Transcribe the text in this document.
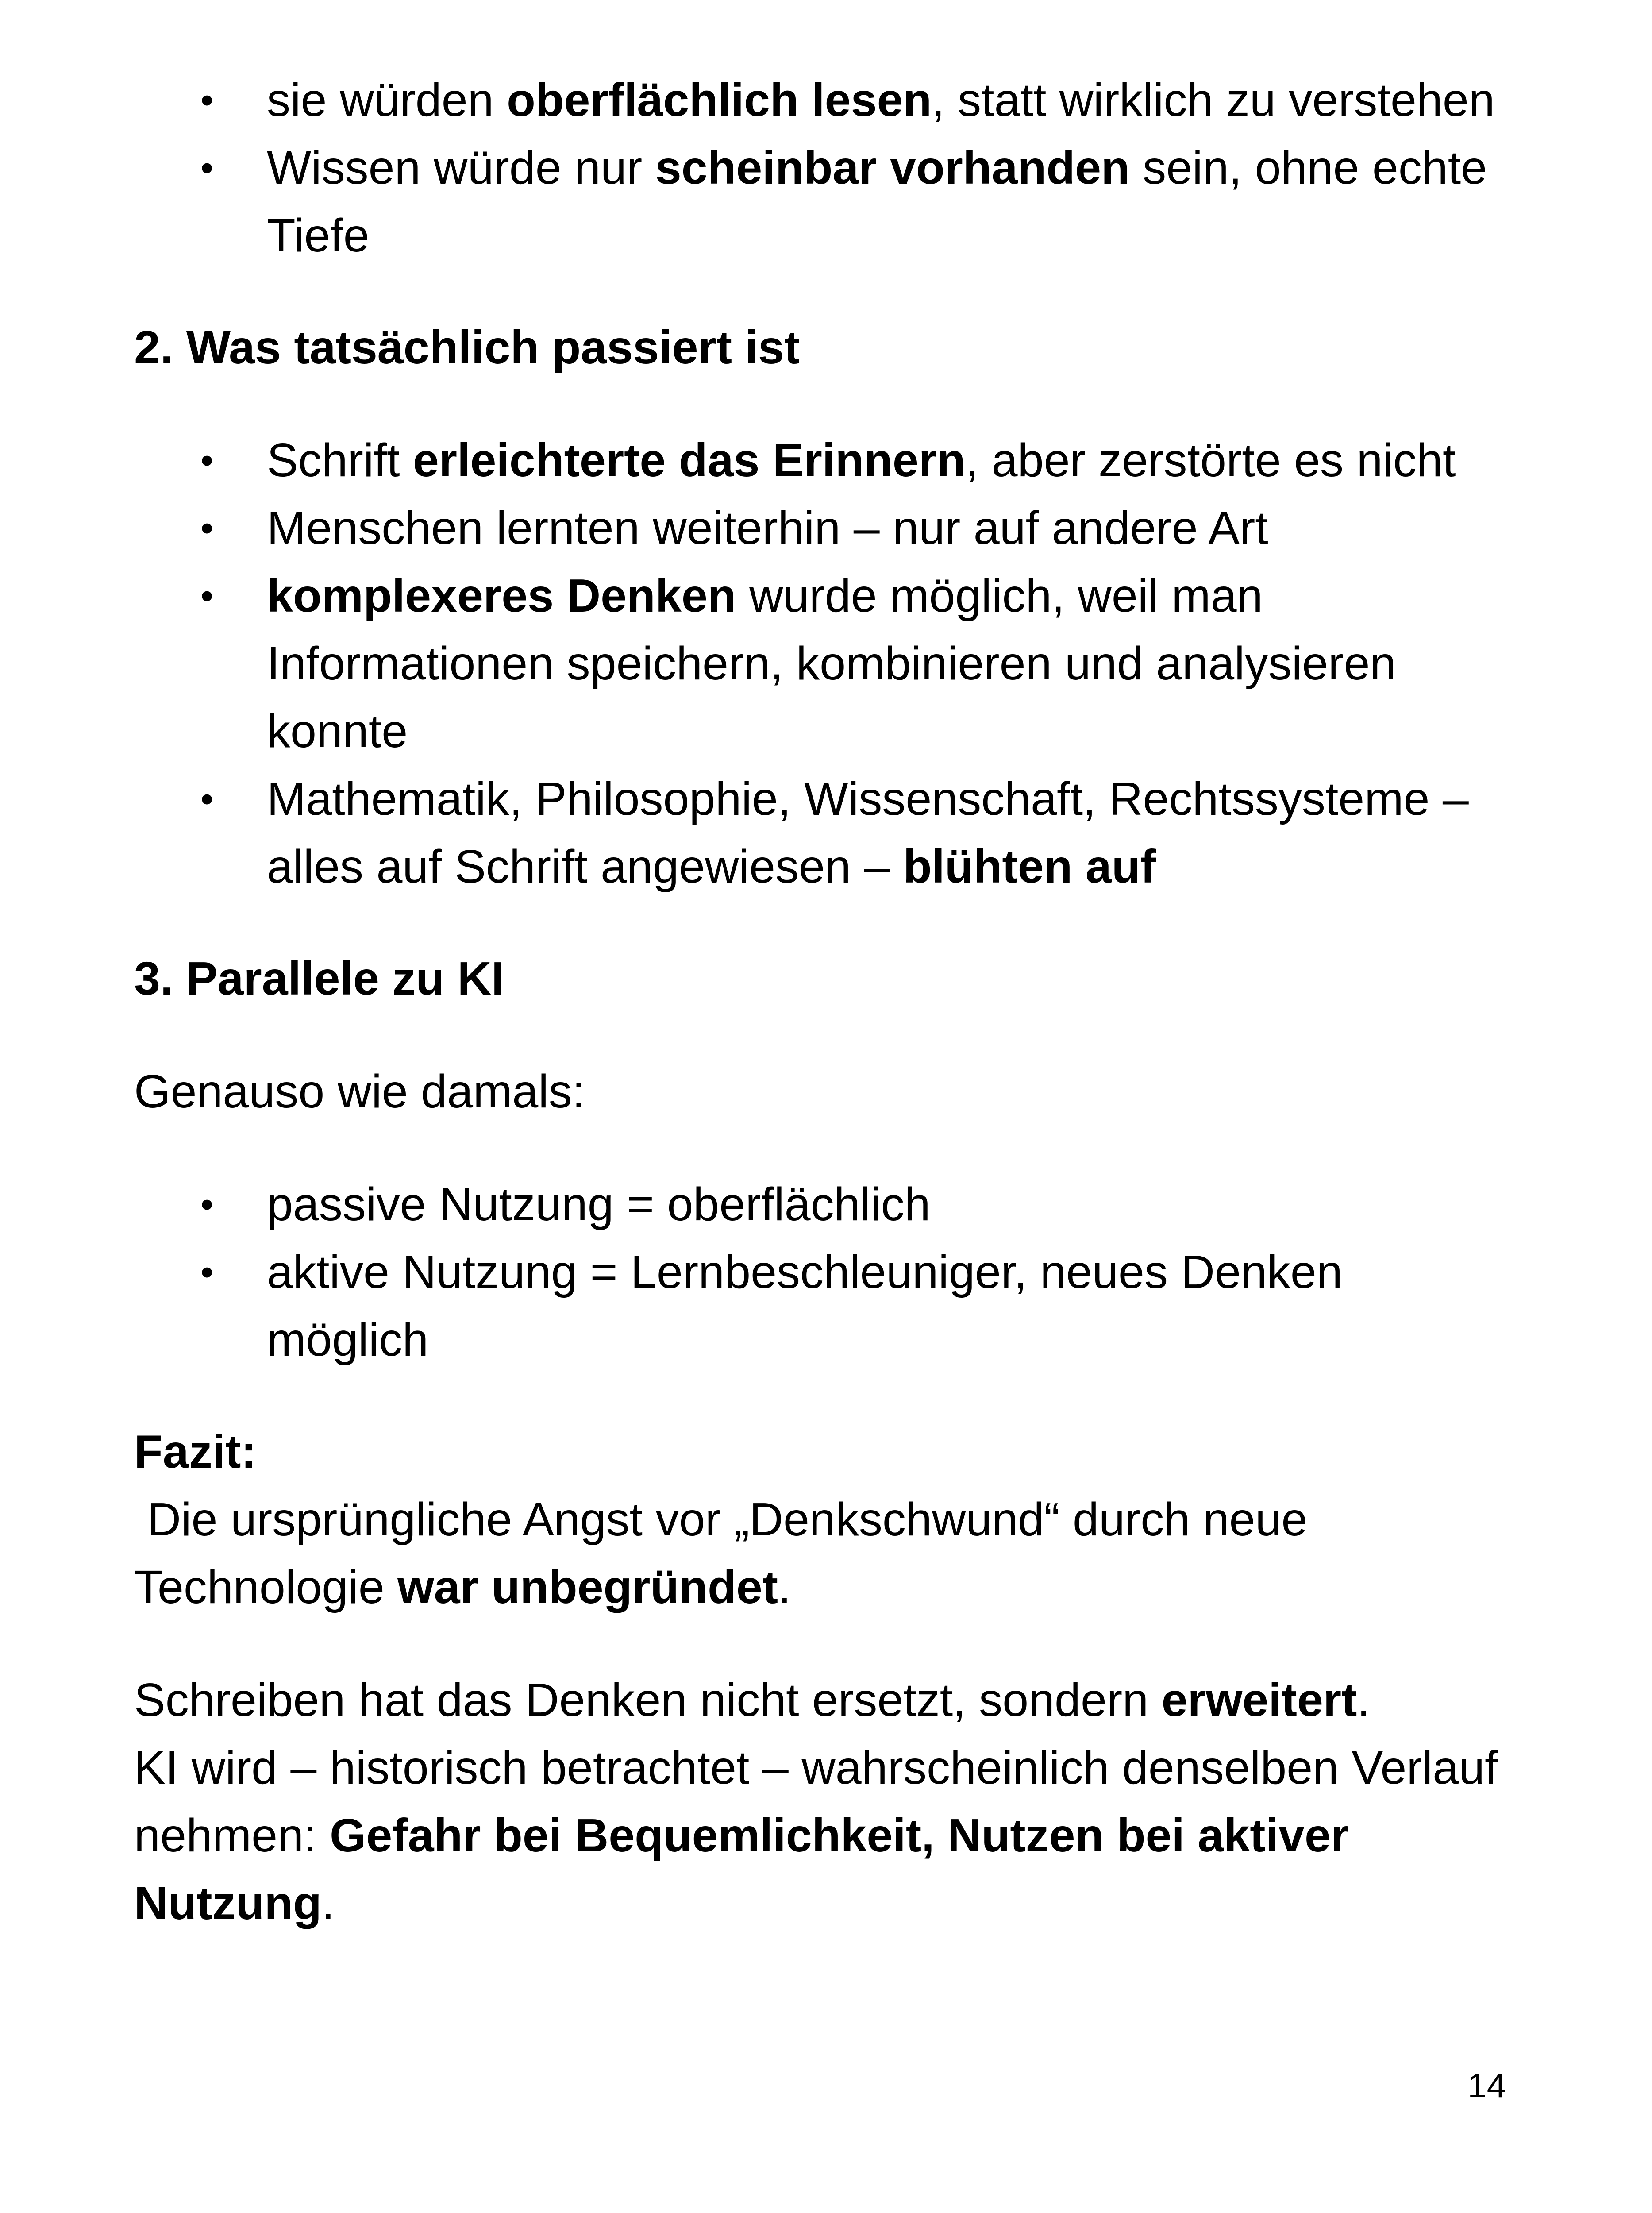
•	sie würden oberflächlich lesen, statt wirklich zu verstehen
•	Wissen würde nur scheinbar vorhanden sein, ohne echte Tiefe

2. Was tatsächlich passiert ist

•	Schrift erleichterte das Erinnern, aber zerstörte es nicht
•	Menschen lernten weiterhin – nur auf andere Art
•	komplexeres Denken wurde möglich, weil man Informationen speichern, kombinieren und analysieren konnte
•	Mathematik, Philosophie, Wissenschaft, Rechtssysteme – alles auf Schrift angewiesen – blühten auf

3. Parallele zu KI

Genauso wie damals:

•	passive Nutzung = oberflächlich
•	aktive Nutzung = Lernbeschleuniger, neues Denken möglich

Fazit:

Die ursprüngliche Angst vor „Denkschwund“ durch neue Technologie war unbegründet.

Schreiben hat das Denken nicht ersetzt, sondern erweitert.

KI wird – historisch betrachtet – wahrscheinlich denselben Verlauf nehmen: Gefahr bei Bequemlichkeit, Nutzen bei aktiver Nutzung.

14
